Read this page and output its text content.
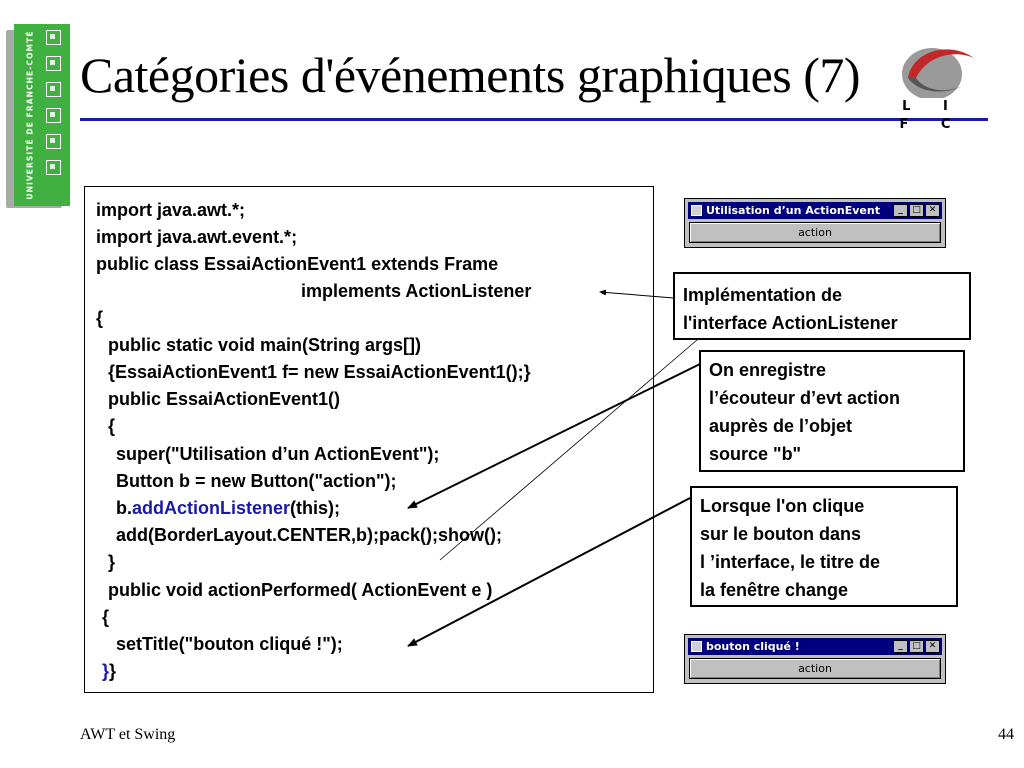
UNIVERSITÉ DE FRANCHE-COMTÉ Catégories d'événements graphiques (7)
L I F C
import java.awt.*;
import java.awt.event.*;
public class EssaiActionEvent1 extends Frame
implements ActionListener
{
public static void main(String args[])
{EssaiActionEvent1 f= new EssaiActionEvent1();}
public EssaiActionEvent1()
{
super("Utilisation d’un ActionEvent");
Button b = new Button("action");
b.addActionListener(this);
add(BorderLayout.CENTER,b);pack();show();
}
public void actionPerformed( ActionEvent e )
{
setTitle("bouton cliqué !");
}}
Implémentation de
l'interface ActionListener
On enregistre
l’écouteur d’evt action
auprès de l’objet
source "b"
Lorsque l'on clique
sur le bouton dans
l ’interface, le titre de
la fenêtre change
Utilisation d’un ActionEvent	_	□ ✕
action
bouton cliqué !	_	□ ✕
action
AWT et Swing	44
